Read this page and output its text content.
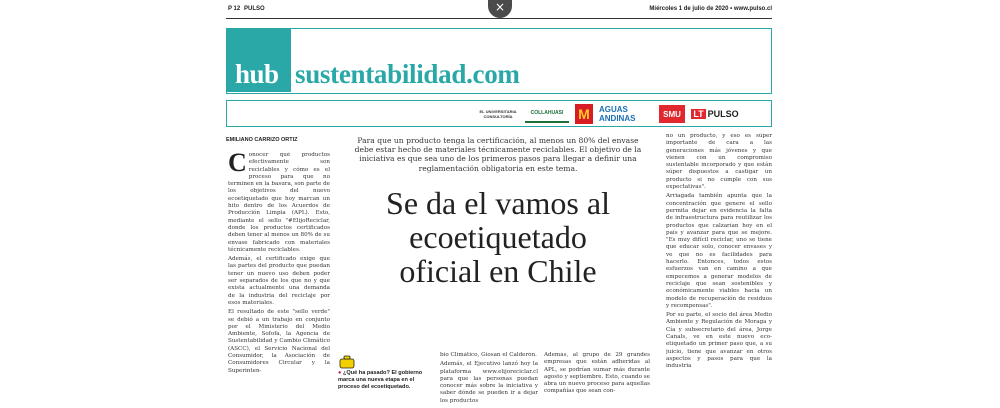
×
P 12 PULSO	Miércoles 1 de julio de 2020 • www.pulso.cl
hub sustentabilidad.com
EL UNIVERSITARIA
CONSULTORÍA
COLLAHUASI	M	AGUAS ANDINAS	SMU	LT PULSO
EMILIANO CARRIZO ORTIZ

Conocer qué productos efectivamente son reciclables y cómo es el proceso para que no terminen en la basura, son parte de los objetivos del nuevo ecoetiquetado que hoy marcan un hito dentro de los Acuerdos de Producción Limpia (APL). Esto, mediante el sello "#ElijoReciclar, donde los productos certificados deben tener al menos un 80% de su envase fabricado con materiales técnicamente reciclables.

Además, el certificado exige que las partes del producto que puedan tener un nuevo uso deben poder ser separados de los que no y que exista actualmente una demanda de la industria del reciclaje por esos materiales.

El resultado de este "sello verde" se debió a un trabajo en conjunto por el Ministerio del Medio Ambiente, Sofofa, la Agencia de Sustentabilidad y Cambio Climático (ASCC), el Servicio Nacional del Consumidor, la Asociación de Consumidores Circular y la Superinten-

Para que un producto tenga la certificación, al menos un 80% del envase debe estar hecho de materiales técnicamente reciclables. El objetivo de la iniciativa es que sea uno de los primeros pasos para llegar a definir una reglamentación obligatoria en este tema.
Se da el vamos al
ecoetiquetado
oficial en Chile

no un producto, y eso es súper importante de cara a las generaciones más jóvenes y que vienen con un compromiso sustentable incorporado y que están súper dispuestos a castigar un producto si no cumple con sus expectativas".

Arriagada también apunta que la concentración que genere el sello permita dejar en evidencia la falta de infraestructura para reutilizar los productos que calzarían hoy en el país y avanzar para que se mejore. "Es muy difícil reciclar, uno se tiene que educar solo, conocer envases y ve que no es facilidades para hacerlo. Entonces, todos estos esfuerzos van en camino a que empecemos a generar modelos de reciclaje que sean sostenibles y económicamente viables hacia un modelo de recuperación de residuos y recompensas".

Por su parte, el socio del área Medio Ambiente y Regulación de Moraga y Cía y subsecretario del área, Jorge Canals, ve en este nuevo eco-etiquetado un primer paso que, a su juicio, tiene que avanzar en otros aspectos y pasos para que la industria

● ¿Qué ha pasado? El gobierno marca una nueva etapa en el proceso del ecoetiquetado.

bio Climático, Giosan el Calderón.

Además, el Ejecutivo lanzó hoy la plataforma www.elijoreciclar.cl para que las personas puedan conocer más sobre la iniciativa y saber dónde se pueden ir a dejar los productos

Además, al grupo de 29 grandes empresas que están adheridas al APL, se podrían sumar más durante agosto y septiembre. Esto, cuando se abra un nuevo proceso para aquellas compañías que sean con-
